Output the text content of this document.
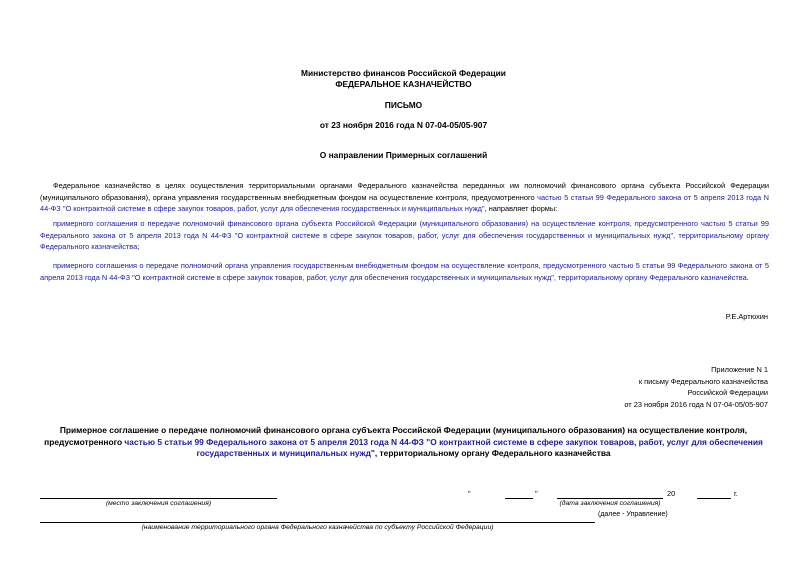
Министерство финансов Российской Федерации
ФЕДЕРАЛЬНОЕ КАЗНАЧЕЙСТВО
ПИСЬМО
от 23 ноября 2016 года N 07-04-05/05-907
О направлении Примерных соглашений
Федеральное казначейство в целях осуществления территориальными органами Федерального казначейства переданных им полномочий финансового органа субъекта Российской Федерации (муниципального образования), органа управления государственным внебюджетным фондом на осуществление контроля, предусмотренного частью 5 статьи 99 Федерального закона от 5 апреля 2013 года N 44-ФЗ "О контрактной системе в сфере закупок товаров, работ, услуг для обеспечения государственных и муниципальных нужд", направляет формы:
примерного соглашения о передаче полномочий финансового органа субъекта Российской Федерации (муниципального образования) на осуществление контроля, предусмотренного частью 5 статьи 99 Федерального закона от 5 апреля 2013 года N 44-ФЗ "О контрактной системе в сфере закупок товаров, работ, услуг для обеспечения государственных и муниципальных нужд", территориальному органу Федерального казначейства;
примерного соглашения о передаче полномочий органа управления государственным внебюджетным фондом на осуществление контроля, предусмотренного частью 5 статьи 99 Федерального закона от 5 апреля 2013 года N 44-ФЗ "О контрактной системе в сфере закупок товаров, работ, услуг для обеспечения государственных и муниципальных нужд", территориальному органу Федерального казначейства.
Р.Е.Артюхин
Приложение N 1
к письму Федерального казначейства
Российской Федерации
от 23 ноября 2016 года N 07-04-05/05-907
Примерное соглашение о передаче полномочий финансового органа субъекта Российской Федерации (муниципального образования) на осуществление контроля, предусмотренного частью 5 статьи 99 Федерального закона от 5 апреля 2013 года N 44-ФЗ "О контрактной системе в сфере закупок товаров, работ, услуг для обеспечения государственных и муниципальных нужд", территориальному органу Федерального казначейства
(место заключения соглашения)
"	"	20	г.
(дата заключения соглашения)
(далее - Управление)
(наименование территориального органа Федерального казначейства по субъекту Российской Федерации)
